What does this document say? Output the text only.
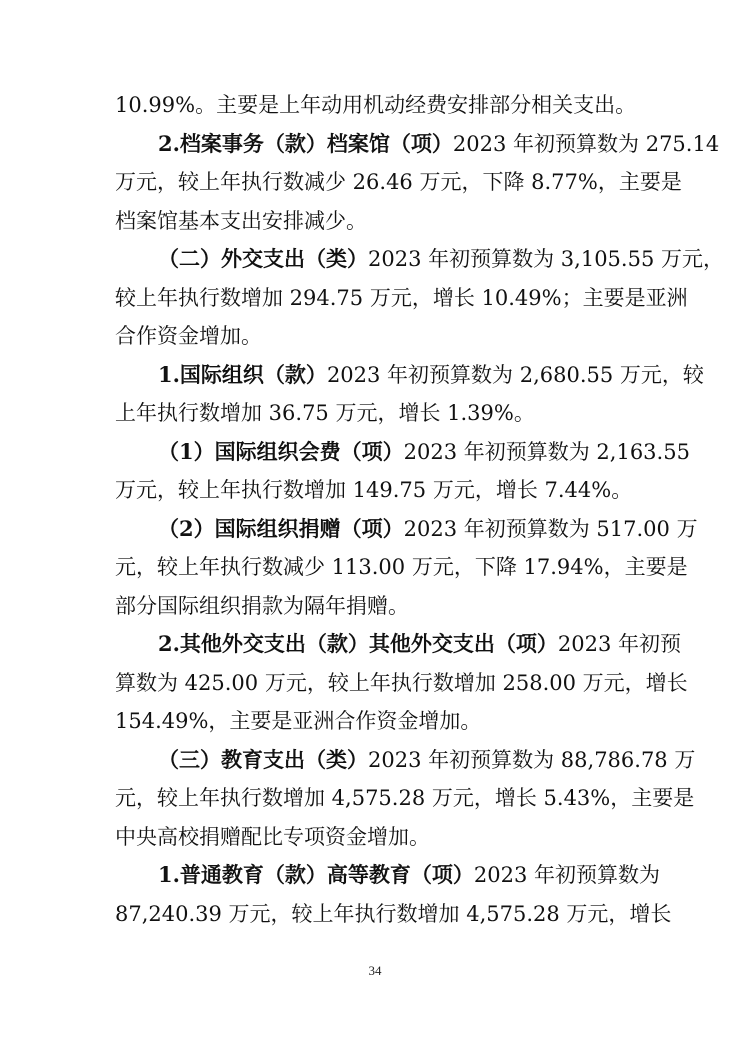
10.99%。主要是上年动用机动经费安排部分相关支出。
2.档案事务（款）档案馆（项）2023 年初预算数为 275.14
万元，较上年执行数减少 26.46 万元，下降 8.77%，主要是
档案馆基本支出安排减少。
（二）外交支出（类）2023 年初预算数为 3,105.55 万元，
较上年执行数增加 294.75 万元，增长 10.49%；主要是亚洲
合作资金增加。
1.国际组织（款）2023 年初预算数为 2,680.55 万元，较
上年执行数增加 36.75 万元，增长 1.39%。
（1）国际组织会费（项）2023 年初预算数为 2,163.55
万元，较上年执行数增加 149.75 万元，增长 7.44%。
（2）国际组织捐赠（项）2023 年初预算数为 517.00 万
元，较上年执行数减少 113.00 万元，下降 17.94%，主要是
部分国际组织捐款为隔年捐赠。
2.其他外交支出（款）其他外交支出（项）2023 年初预
算数为 425.00 万元，较上年执行数增加 258.00 万元，增长
154.49%，主要是亚洲合作资金增加。
（三）教育支出（类）2023 年初预算数为 88,786.78 万
元，较上年执行数增加 4,575.28 万元，增长 5.43%，主要是
中央高校捐赠配比专项资金增加。
1.普通教育（款）高等教育（项）2023 年初预算数为
87,240.39 万元，较上年执行数增加 4,575.28 万元，增长
34
